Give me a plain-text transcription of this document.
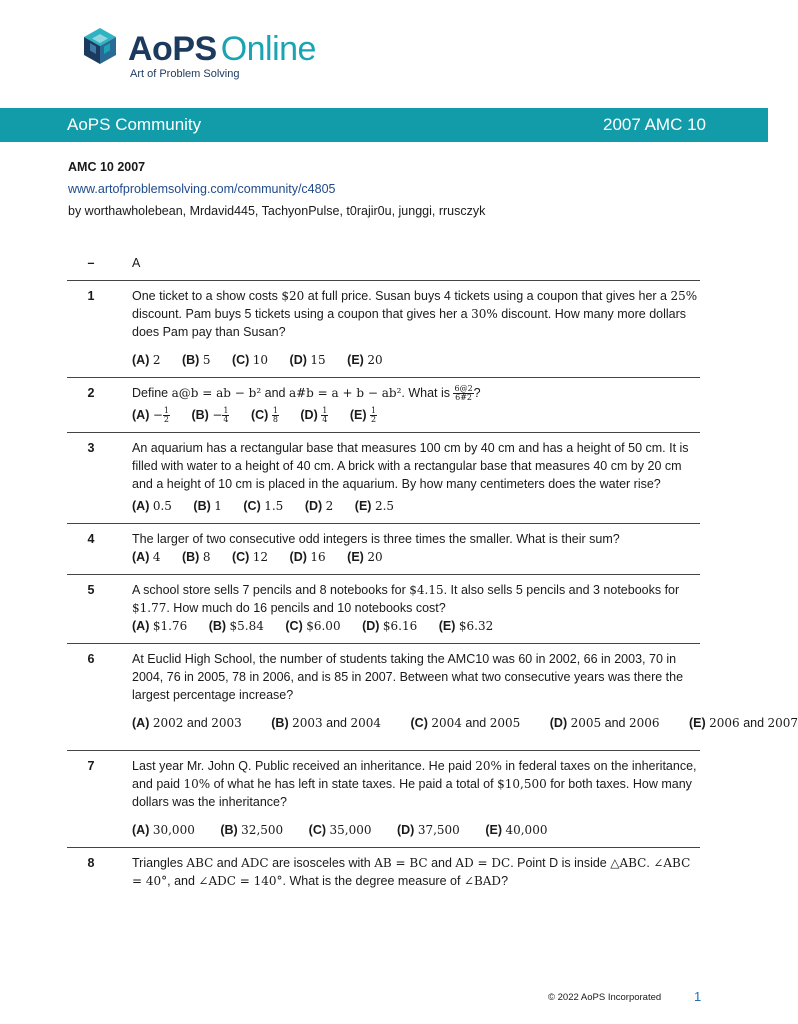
AoPS Online
Art of Problem Solving
AoPS Community	2007 AMC 10
AMC 10 2007
www.artofproblemsolving.com/community/c4805
by worthawholebean, Mrdavid445, TachyonPulse, t0rajir0u, junggi, rrusczyk
–	A
1	One ticket to a show costs $20 at full price. Susan buys 4 tickets using a coupon that gives her a 25% discount. Pam buys 5 tickets using a coupon that gives her a 30% discount. How many more dollars does Pam pay than Susan?
(A) 2 (B) 5 (C) 10 (D) 15 (E) 20
2	Define a@b = ab − b² and a#b = a + b − ab². What is $\frac{6@2}{6\#2}$ ?
$(A) - \frac{1}{2} (B) - \frac{1}{4} (C) \frac{1}{8} (D) \frac{1}{4} (E) \frac{1}{2}$
3	An aquarium has a rectangular base that measures 100 cm by 40 cm and has a height of 50 cm. It is filled with water to a height of 40 cm. A brick with a rectangular base that measures 40 cm by 20 cm and a height of 10 cm is placed in the aquarium. By how many centimeters does the water rise?
(A) 0.5 (B) 1 (C) 1.5 (D) 2 (E) 2.5
4	The larger of two consecutive odd integers is three times the smaller. What is their sum?
(A) 4 (B) 8 (C) 12 (D) 16 (E) 20
5	A school store sells 7 pencils and 8 notebooks for $4.15. It also sells 5 pencils and 3 notebooks for $1.77. How much do 16 pencils and 10 notebooks cost?
(A) $1.76 (B) $5.84 (C) $6.00 (D) $6.16 (E) $6.32
6	At Euclid High School, the number of students taking the AMC10 was 60 in 2002, 66 in 2003, 70 in 2004, 76 in 2005, 78 in 2006, and is 85 in 2007. Between what two consecutive years was there the largest percentage increase?
(A) 2002 and 2003 (B) 2003 and 2004 (C) 2004 and 2005 (D) 2005 and 2006 (E) 2006 and 2007
7	Last year Mr. John Q. Public received an inheritance. He paid 20% in federal taxes on the inheritance, and paid 10% of what he has left in state taxes. He paid a total of $10,500 for both taxes. How many dollars was the inheritance?
(A) 30,000 (B) 32,500 (C) 35,000 (D) 37,500 (E) 40,000
8	Triangles ABC and ADC are isosceles with AB = BC and AD = DC. Point D is inside △ABC. ∠ABC = 40°, and ∠ADC = 140°. What is the degree measure of ∠BAD?
© 2022 AoPS Incorporated	1
